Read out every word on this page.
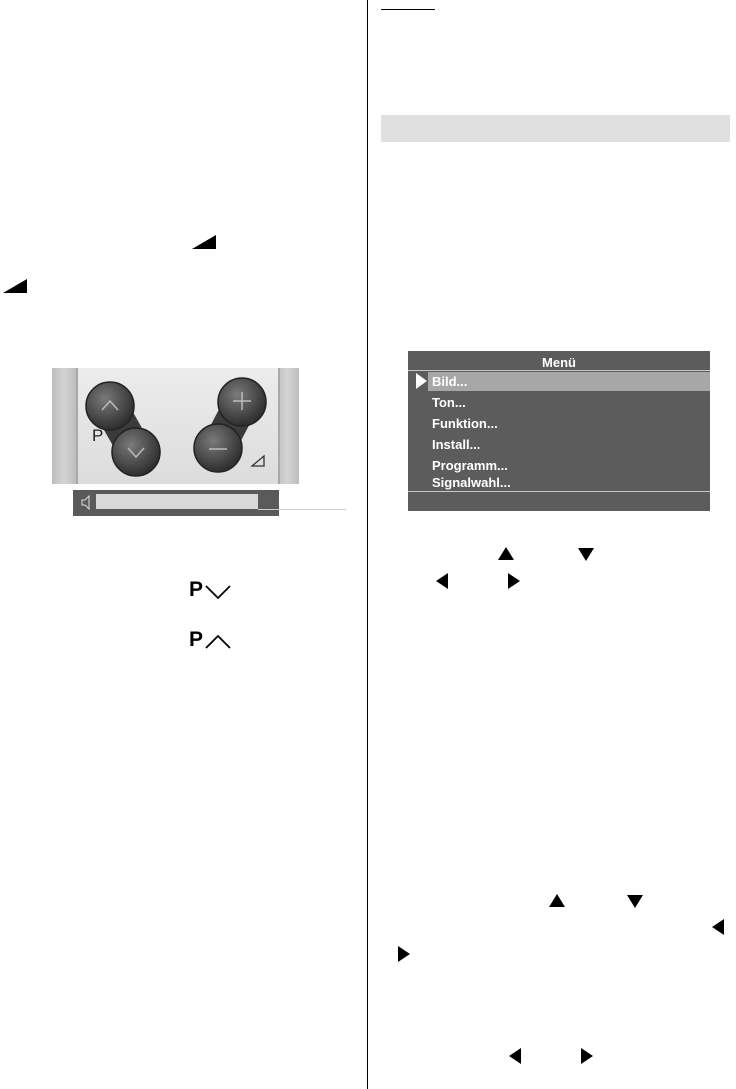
P
P
P
Menü
Bild...
Ton...
Funktion...
Install...
Programm...
Signalwahl...
